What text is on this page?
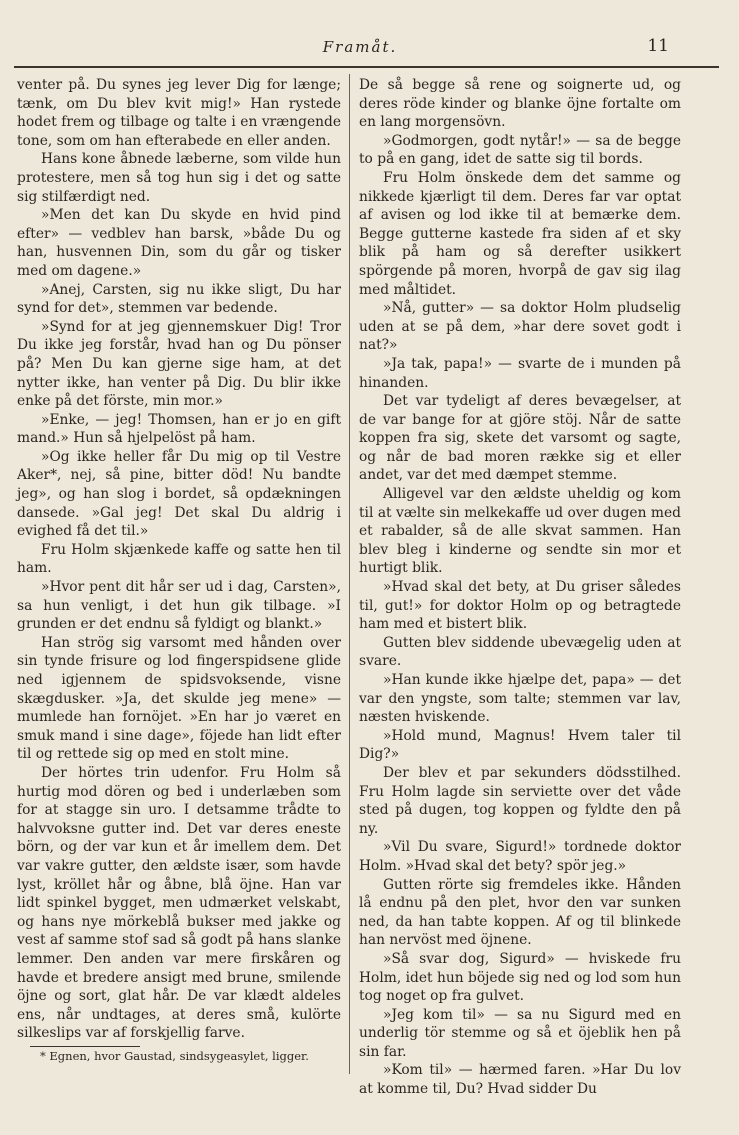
Framåt.	11

venter på. Du synes jeg lever Dig for længe; tænk, om Du blev kvit mig!» Han rystede hodet frem og tilbage og talte i en vrængende tone, som om han efterabede en eller anden.

Hans kone åbnede læberne, som vilde hun protestere, men så tog hun sig i det og satte sig stilfærdigt ned.

»Men det kan Du skyde en hvid pind efter» — vedblev han barsk, »både Du og han, husvennen Din, som du går og tisker med om dagene.»

»Anej, Carsten, sig nu ikke sligt, Du har synd for det», stemmen var bedende.

»Synd for at jeg gjennemskuer Dig! Tror Du ikke jeg forstår, hvad han og Du pönser på? Men Du kan gjerne sige ham, at det nytter ikke, han venter på Dig. Du blir ikke enke på det förste, min mor.»

»Enke, — jeg! Thomsen, han er jo en gift mand.» Hun så hjelpelöst på ham.

»Og ikke heller får Du mig op til Vestre Aker*, nej, så pine, bitter död! Nu bandte jeg», og han slog i bordet, så opdækningen dansede. »Gal jeg! Det skal Du aldrig i evighed få det til.»

Fru Holm skjænkede kaffe og satte hen til ham.

»Hvor pent dit hår ser ud i dag, Carsten», sa hun venligt, i det hun gik tilbage. »I grunden er det endnu så fyldigt og blankt.»

Han strög sig varsomt med hånden over sin tynde frisure og lod fingerspidsene glide ned igjennem de spidsvoksende, visne skægdusker. »Ja, det skulde jeg mene» — mumlede han fornöjet. »En har jo været en smuk mand i sine dage», föjede han lidt efter til og rettede sig op med en stolt mine.

Der hörtes trin udenfor. Fru Holm så hurtig mod dören og bed i underlæben som for at stagge sin uro. I detsamme trådte to halvvoksne gutter ind. Det var deres eneste börn, og der var kun et år imellem dem. Det var vakre gutter, den ældste især, som havde lyst, kröllet hår og åbne, blå öjne. Han var lidt spinkel bygget, men udmærket velskabt, og hans nye mörkeblå bukser med jakke og vest af samme stof sad så godt på hans slanke lemmer. Den anden var mere firskåren og havde et bredere ansigt med brune, smilende öjne og sort, glat hår. De var klædt aldeles ens, når undtages, at deres små, kulörte silkeslips var af forskjellig farve.

De så begge så rene og soignerte ud, og deres röde kinder og blanke öjne fortalte om en lang morgensövn.

»Godmorgen, godt nytår!» — sa de begge to på en gang, idet de satte sig til bords.

Fru Holm önskede dem det samme og nikkede kjærligt til dem. Deres far var optat af avisen og lod ikke til at bemærke dem. Begge gutterne kastede fra siden af et sky blik på ham og så derefter usikkert spörgende på moren, hvorpå de gav sig ilag med måltidet.

»Nå, gutter» — sa doktor Holm pludselig uden at se på dem, »har dere sovet godt i nat?»

»Ja tak, papa!» — svarte de i munden på hinanden.

Det var tydeligt af deres bevægelser, at de var bange for at gjöre stöj. Når de satte koppen fra sig, skete det varsomt og sagte, og når de bad moren række sig et eller andet, var det med dæmpet stemme.

Alligevel var den ældste uheldig og kom til at vælte sin melkekaffe ud over dugen med et rabalder, så de alle skvat sammen. Han blev bleg i kinderne og sendte sin mor et hurtigt blik.

»Hvad skal det bety, at Du griser således til, gut!» for doktor Holm op og betragtede ham med et bistert blik.

Gutten blev siddende ubevægelig uden at svare.

»Han kunde ikke hjælpe det, papa» — det var den yngste, som talte; stemmen var lav, næsten hviskende.

»Hold mund, Magnus! Hvem taler til Dig?»

Der blev et par sekunders dödsstilhed. Fru Holm lagde sin serviette over det våde sted på dugen, tog koppen og fyldte den på ny.

»Vil Du svare, Sigurd!» tordnede doktor Holm. »Hvad skal det bety? spör jeg.»

Gutten rörte sig fremdeles ikke. Hånden lå endnu på den plet, hvor den var sunken ned, da han tabte koppen. Af og til blinkede han nervöst med öjnene.

»Så svar dog, Sigurd» — hviskede fru Holm, idet hun böjede sig ned og lod som hun tog noget op fra gulvet.

»Jeg kom til» — sa nu Sigurd med en underlig tör stemme og så et öjeblik hen på sin far.

»Kom til» — hærmed faren. »Har Du lov at komme til, Du? Hvad sidder Du

* Egnen, hvor Gaustad, sindsygeasylet, ligger.
